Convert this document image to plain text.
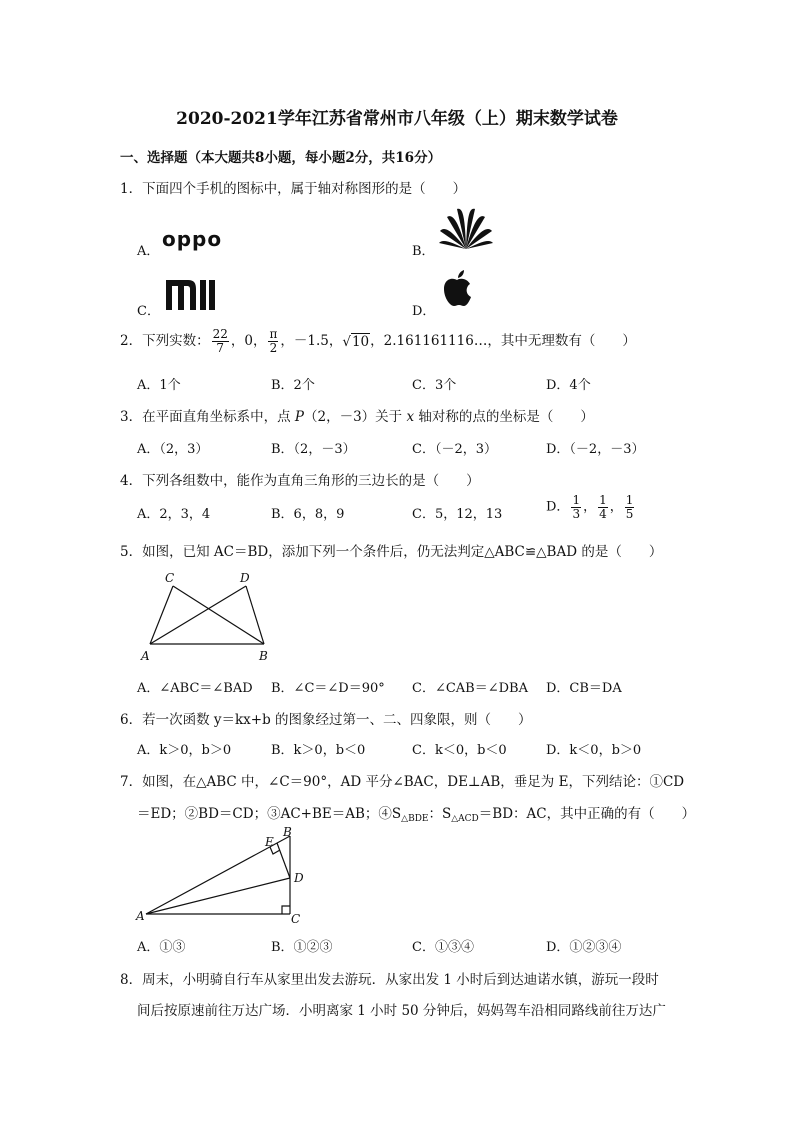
2020-2021学年江苏省常州市八年级（上）期末数学试卷
一、选择题（本大题共8小题，每小题2分，共16分）
1．下面四个手机的图标中，属于轴对称图形的是（　　）
A．
oppo
B．
C．	D．
2．下列实数： $\frac{22}{7}$ ，0， $\frac{\pi}{2}$ ，－1.5，√10，2.161161116…，其中无理数有（　　）
A．1个	B．2个	C．3个	D．4个
3．在平面直角坐标系中，点 P（2，－3）关于 x 轴对称的点的坐标是（　　）
A．（2，3）	B．（2，－3）	C．（－2，3）	D．（－2，－3）
4．下列各组数中，能作为直角三角形的三边长的是（　　）
A．2，3，4	B．6，8，9	C．5，12，13	D． $\frac{1}{3}$ ， $\frac{1}{4}$ ， $\frac{1}{5}$
5．如图，已知 AC＝BD，添加下列一个条件后，仍无法判定△ABC≌△BAD 的是（　　）
C	D
A	B
A．∠ABC＝∠BAD B．∠C＝∠D＝90° C．∠CAB＝∠DBA D．CB＝DA
6．若一次函数 y＝kx+b 的图象经过第一、二、四象限，则（　　）
A．k＞0，b＞0	B．k＞0，b＜0	C．k＜0，b＜0	D．k＜0，b＞0
7．如图，在△ABC 中，∠C＝90°，AD 平分∠BAC，DE⊥AB，垂足为 E，下列结论：①CD
＝ED；②BD＝CD；③AC+BE＝AB；$④S_{\triangle BDE}$：$S_{\triangle ACD}=BD$：AC，其中正确的有（　　）
A
B
C
D
E
A．①③	B．①②③	C．①③④	D．①②③④
8．周末，小明骑自行车从家里出发去游玩．从家出发 1 小时后到达迪诺水镇，游玩一段时
间后按原速前往万达广场．小明离家 1 小时 50 分钟后，妈妈驾车沿相同路线前往万达广
